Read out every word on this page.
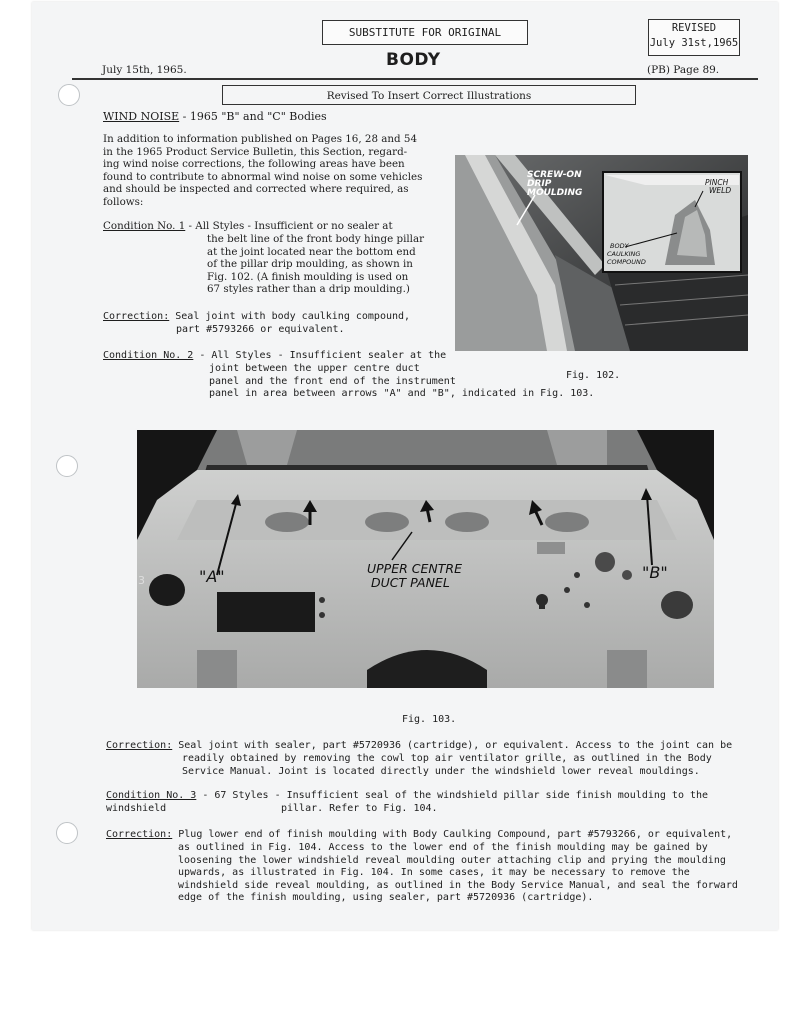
SUBSTITUTE FOR ORIGINAL	REVISED
July 31st,1965
BODY
July 15th, 1965.	(PB) Page 89.
Revised To Insert Correct Illustrations
WIND NOISE - 1965 "B" and "C" Bodies
In addition to information published on Pages 16, 28 and 54
in the 1965 Product Service Bulletin, this Section, regard-
ing wind noise corrections, the following areas have been
found to contribute to abnormal wind noise on some vehicles
and should be inspected and corrected where required, as
follows:
Condition No. 1 - All Styles - Insufficient or no sealer at
the belt line of the front body hinge pillar
at the joint located near the bottom end
of the pillar drip moulding, as shown in
Fig. 102. (A finish moulding is used on
67 styles rather than a drip moulding.)
Correction: Seal joint with body caulking compound,
part #5793266 or equivalent.
Condition No. 2 - All Styles - Insufficient sealer at the
joint between the upper centre duct
panel and the front end of the instrument
panel in area between arrows "A" and "B", indicated in Fig. 103.
SCREW-ON
DRIP
MOULDING
PINCH
WELD
BODY
CAULKING
COMPOUND
Fig. 102.
"A"	"B"
UPPER CENTRE
DUCT PANEL
3
Fig. 103.
Correction: Seal joint with sealer, part #5720936 (cartridge), or equivalent. Access to the joint can be
readily obtained by removing the cowl top air ventilator grille, as outlined in the Body
Service Manual. Joint is located directly under the windshield lower reveal mouldings.
Condition No. 3 - 67 Styles - Insufficient seal of the windshield pillar side finish moulding to the windshield	pillar. Refer to Fig. 104.
Correction: Plug lower end of finish moulding with Body Caulking Compound, part #5793266, or equivalent,
as outlined in Fig. 104. Access to the lower end of the finish moulding may be gained by
loosening the lower windshield reveal moulding outer attaching clip and prying the moulding
upwards, as illustrated in Fig. 104. In some cases, it may be necessary to remove the
windshield side reveal moulding, as outlined in the Body Service Manual, and seal the forward
edge of the finish moulding, using sealer, part #5720936 (cartridge).
